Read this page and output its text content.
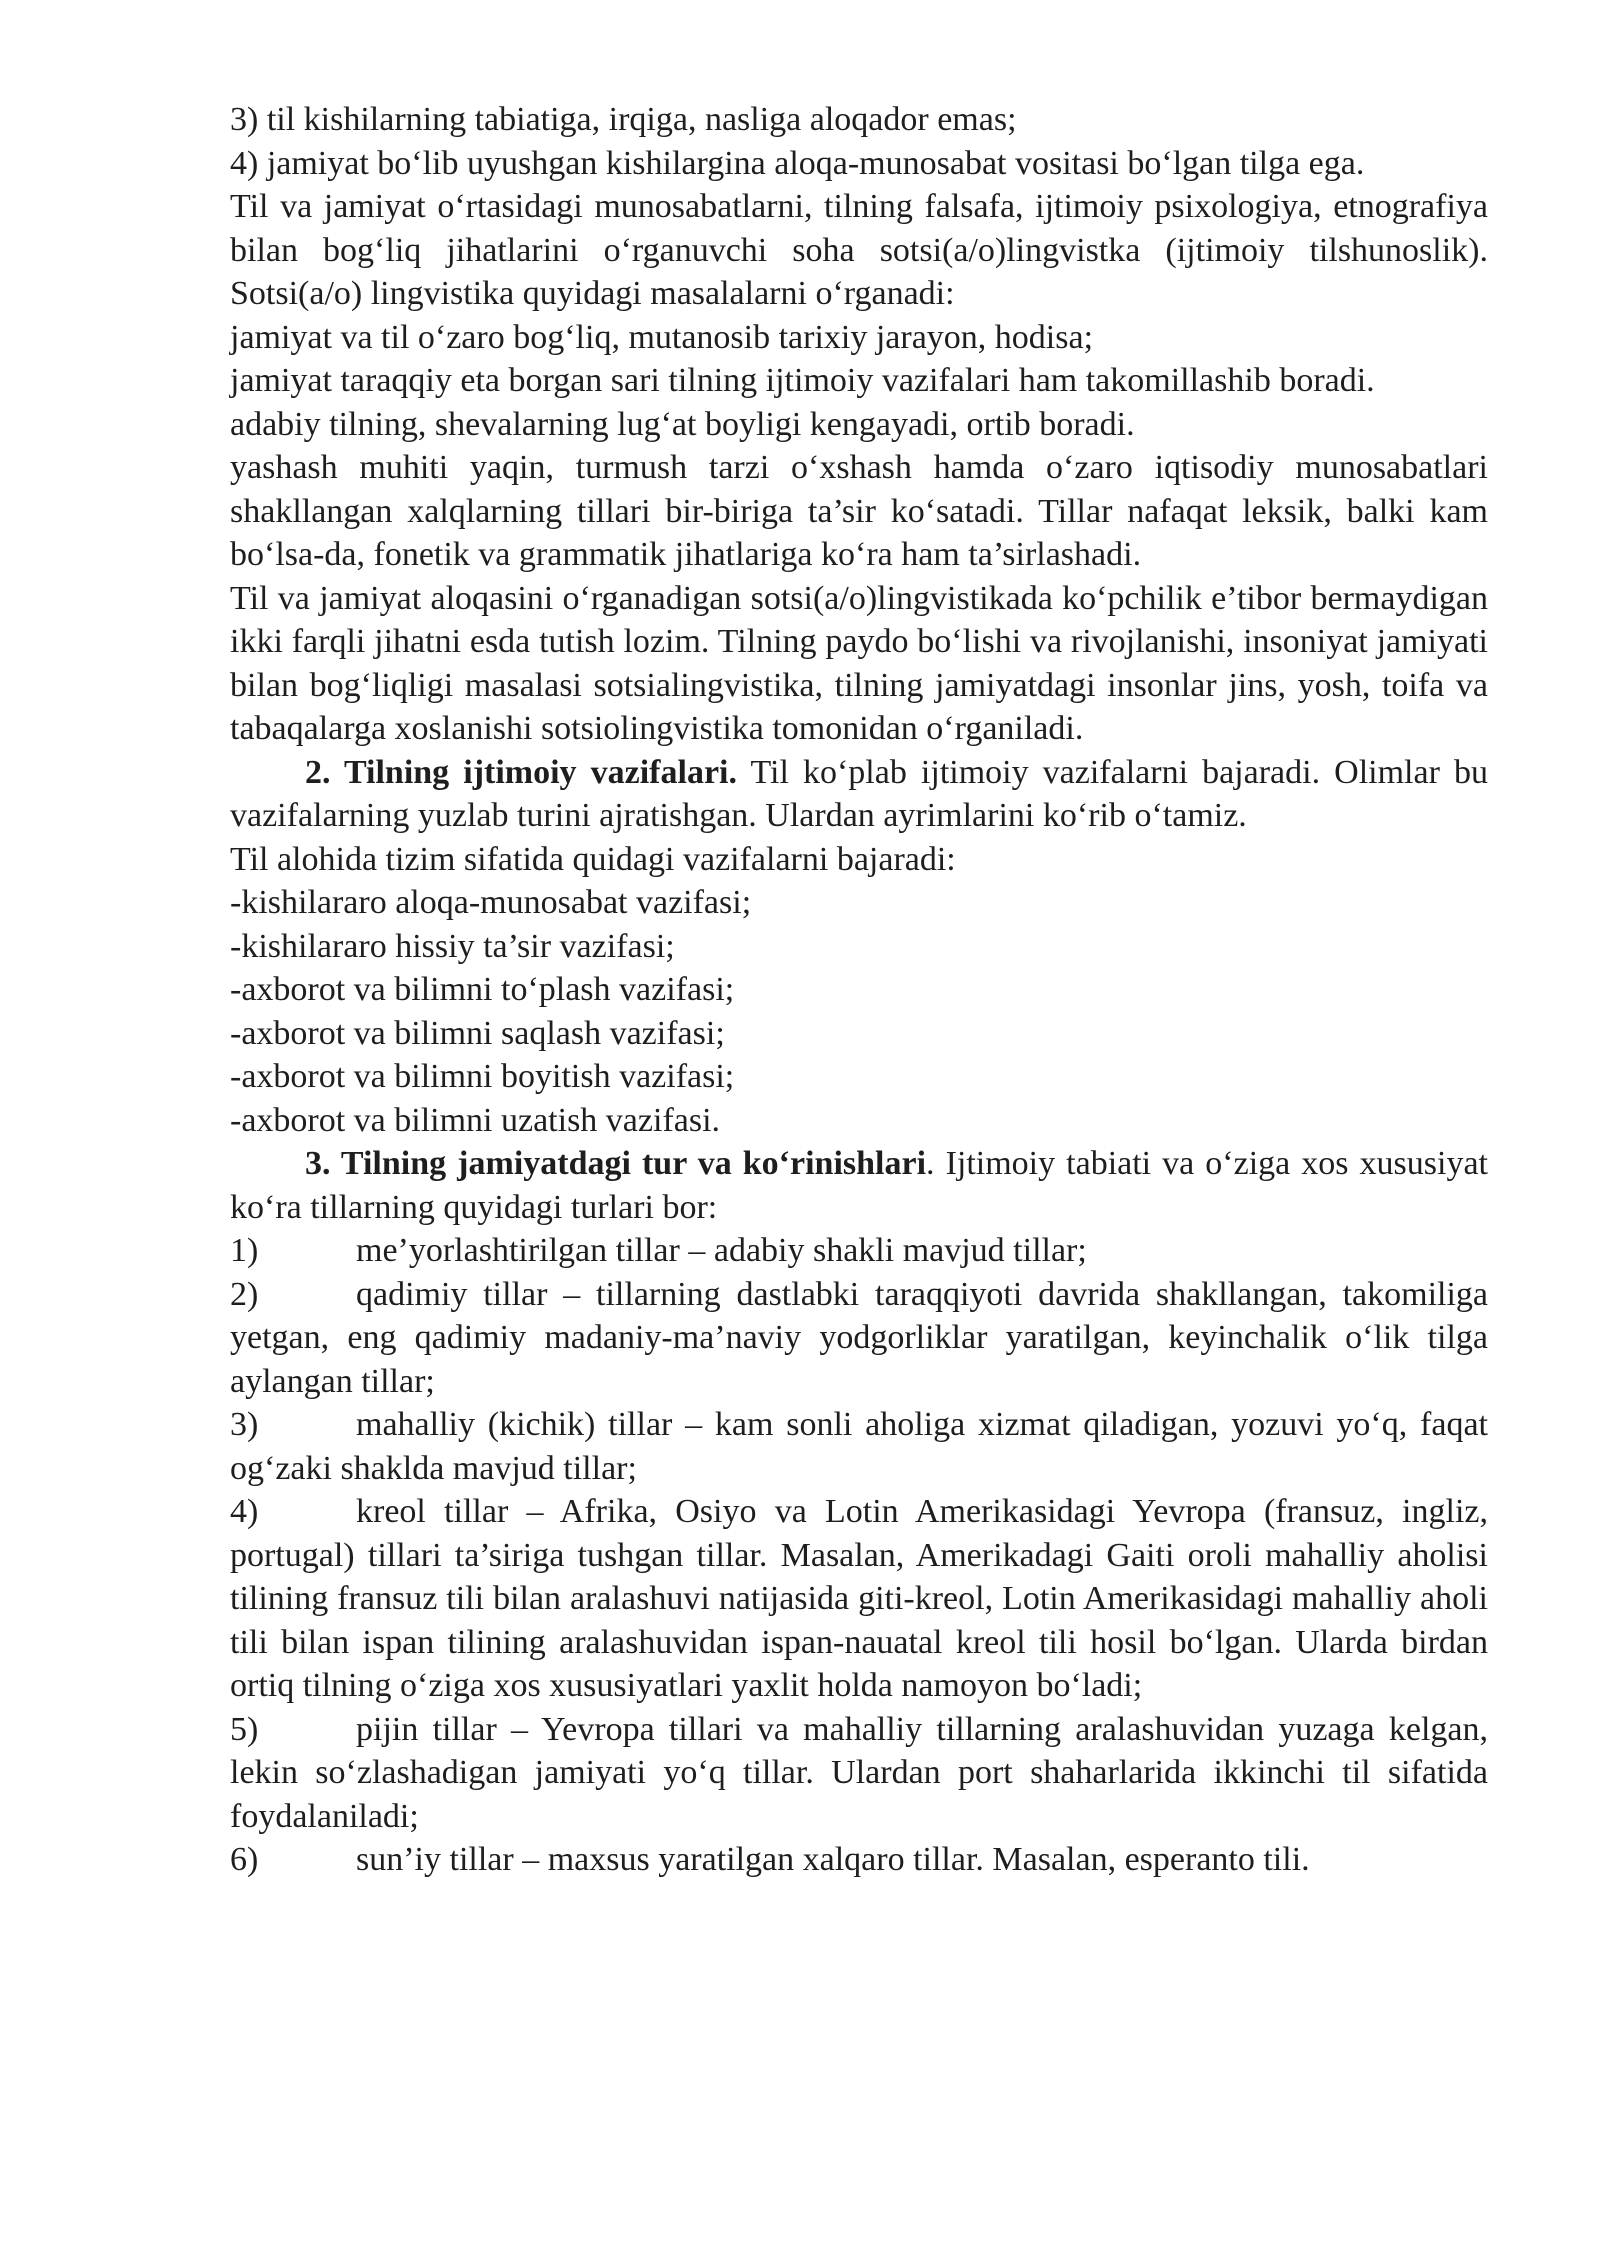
3) til kishilarning tabiatiga, irqiga, nasliga aloqador emas;

4) jamiyat bo‘lib uyushgan kishilargina aloqa-munosabat vositasi bo‘lgan tilga ega.

Til va jamiyat o‘rtasidagi munosabatlarni, tilning falsafa, ijtimoiy psixologiya, etnografiya bilan bog‘liq jihatlarini o‘rganuvchi soha sotsi(a/o)lingvistka (ijtimoiy tilshunoslik). Sotsi(a/o) lingvistika quyidagi masalalarni o‘rganadi:

jamiyat va til o‘zaro bog‘liq, mutanosib tarixiy jarayon, hodisa;

jamiyat taraqqiy eta borgan sari tilning ijtimoiy vazifalari ham takomillashib boradi.

adabiy tilning, shevalarning lug‘at boyligi kengayadi, ortib boradi.

yashash muhiti yaqin, turmush tarzi o‘xshash hamda o‘zaro iqtisodiy munosabatlari shakllangan xalqlarning tillari bir-biriga ta’sir ko‘satadi. Tillar nafaqat leksik, balki kam bo‘lsa-da, fonetik va grammatik jihatlariga ko‘ra ham ta’sirlashadi.

Til va jamiyat aloqasini o‘rganadigan sotsi(a/o)lingvistikada ko‘pchilik e’tibor bermaydigan ikki farqli jihatni esda tutish lozim. Tilning paydo bo‘lishi va rivojlanishi, insoniyat jamiyati bilan bog‘liqligi masalasi sotsialingvistika, tilning jamiyatdagi insonlar jins, yosh, toifa va tabaqalarga xoslanishi sotsiolingvistika tomonidan o‘rganiladi.

2. Tilning ijtimoiy vazifalari. Til ko‘plab ijtimoiy vazifalarni bajaradi. Olimlar bu vazifalarning yuzlab turini ajratishgan. Ulardan ayrimlarini ko‘rib o‘tamiz.

Til alohida tizim sifatida quidagi vazifalarni bajaradi:

-kishilararo aloqa-munosabat vazifasi;

-kishilararo hissiy ta’sir vazifasi;

-axborot va bilimni to‘plash vazifasi;

-axborot va bilimni saqlash vazifasi;

-axborot va bilimni boyitish vazifasi;

-axborot va bilimni uzatish vazifasi.

3. Tilning jamiyatdagi tur va ko‘rinishlari. Ijtimoiy tabiati va o‘ziga xos xususiyat ko‘ra tillarning quyidagi turlari bor:

1)	me’yorlashtirilgan tillar – adabiy shakli mavjud tillar;

2)	qadimiy tillar – tillarning dastlabki taraqqiyoti davrida shakllangan, takomiliga yetgan, eng qadimiy madaniy-ma’naviy yodgorliklar yaratilgan, keyinchalik o‘lik tilga aylangan tillar;

3)	mahalliy (kichik) tillar – kam sonli aholiga xizmat qiladigan, yozuvi yo‘q, faqat og‘zaki shaklda mavjud tillar;

4)	kreol tillar – Afrika, Osiyo va Lotin Amerikasidagi Yevropa (fransuz, ingliz, portugal) tillari ta’siriga tushgan tillar. Masalan, Amerikadagi Gaiti oroli mahalliy aholisi tilining fransuz tili bilan aralashuvi natijasida giti-kreol, Lotin Amerikasidagi mahalliy aholi tili bilan ispan tilining aralashuvidan ispan-nauatal kreol tili hosil bo‘lgan. Ularda birdan ortiq tilning o‘ziga xos xususiyatlari yaxlit holda namoyon bo‘ladi;

5)	pijin tillar – Yevropa tillari va mahalliy tillarning aralashuvidan yuzaga kelgan, lekin so‘zlashadigan jamiyati yo‘q tillar. Ulardan port shaharlarida ikkinchi til sifatida foydalaniladi;

6)	sun’iy tillar – maxsus yaratilgan xalqaro tillar. Masalan, esperanto tili.
